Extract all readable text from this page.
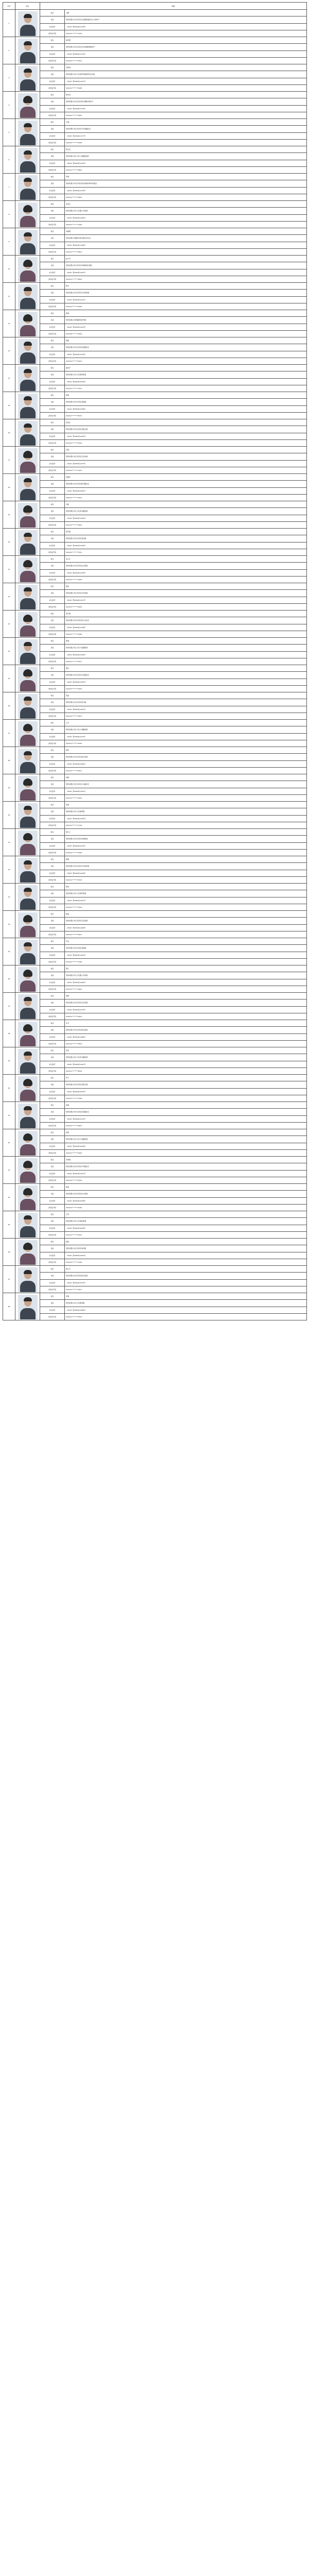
序号	照片	明细	
1		姓名	马敬
		住址	贵州省遵义市红花岗区北京路居委会中山门组1号
		执行案号	（2022）黔0302执1136号
		身份证号码	522122********1234
2		姓名	杨世明
		住址	贵州省遵义市红花岗区忠庄街道新蒲组9号
		执行案号	（2022）黔0302执1132号
		身份证号码	522101********2011
3		姓名	苏世林
		住址	贵州省遵义市汇川区高坪街道高坪社区2组
		执行案号	（2022）黔0302执1151号
		身份证号码	522121********4038
4		姓名	陈学英
		住址	贵州省遵义市红花岗区巷口镇新河组3号
		执行案号	（2022）黔0302执1133号
		身份证号码	522101********1622
5		姓名	王强
		住址	贵州省遵义市红花岗区中华南路社区
		执行案号	（2022）黔0302执1177号
		身份证号码	522101********0418
6		姓名	黄文龙
		住址	贵州省遵义市汇川区上海路街道办
		执行案号	（2022）黔0302执1164号
		身份证号码	522121********0853
7		姓名	罗明
		住址	贵州省遵义市红花岗区南关街道办新华居委会
		执行案号	（2022）黔0302执1145号
		身份证号码	522101********3616
8		姓名	邓永红
		住址	贵州省遵义市汇川区董公寺街道
		执行案号	（2022）黔0302执1185号
		身份证号码	522121********1246
9		姓名	刘建国
		住址	贵州省遵义市播州区南白镇龙井社区
		执行案号	（2022）黔0302执1198号
		身份证号码	522121********6815
10		姓名	赵小芳
		住址	贵州省遵义市红花岗区老城街道办事处
		执行案号	（2022）黔0302执1203号
		身份证号码	522101********2824
11		姓名	陈宇
		住址	贵州省遵义市红花岗区舟水桥街道
		执行案号	（2022）黔0302执1211号
		身份证号码	522101********5039
12		姓名	杨丽
		住址	贵州省遵义市新蒲新区新舟镇
		执行案号	（2022）黔0302执1222号
		身份证号码	522126********2044
13		姓名	周勇
		住址	贵州省遵义市红花岗区延安路社区
		执行案号	（2022）黔0302执1235号
		身份证号码	522101********0019
14		姓名	谢永平
		住址	贵州省遵义市汇川区高桥街道
		执行案号	（2022）黔0302执1246号
		身份证号码	522121********3313
15		姓名	胡建
		住址	贵州省遵义市红花岗区深溪镇
		执行案号	（2022）黔0302执1258号
		身份证号码	522101********6415
16		姓名	田世江
		住址	贵州省遵义市红花岗区金鼎山镇
		执行案号	（2022）黔0302执1263号
		身份证号码	522101********4216
17		姓名	石敏
		住址	贵州省遵义市红花岗区长征街道
		执行案号	（2022）黔0302执1275号
		身份证号码	522101********1527
18		姓名	何国华
		住址	贵州省遵义市红花岗区新舟路社区
		执行案号	（2022）黔0302执1281号
		身份证号码	522101********3012
19		姓名	冯艳
		住址	贵州省遵义市汇川区洗马路街道
		执行案号	（2022）黔0302执1292号
		身份证号码	522121********2623
20		姓名	罗光明
		住址	贵州省遵义市红花岗区海龙镇
		执行案号	（2022）黔0302执1304号
		身份证号码	522101********7531
21		姓名	宋小红
		住址	贵州省遵义市红花岗区礼仪街道
		执行案号	（2022）黔0302执1316号
		身份证号码	522101********1845
22		姓名	徐伟
		住址	贵州省遵义市红花岗区忠庄街道
		执行案号	（2022）黔0302执1327号
		身份证号码	522101********0932
23		姓名	李红梅
		住址	贵州省遵义市红花岗区南门关社区
		执行案号	（2022）黔0302执1338号
		身份证号码	522101********2046
24		姓名	郑强
		住址	贵州省遵义市汇川区大连路街道
		执行案号	（2022）黔0302执1349号
		身份证号码	522121********4517
25		姓名	黄玲
		住址	贵州省遵义市红花岗区北京路社区
		执行案号	（2022）黔0302执1355号
		身份证号码	522101********3224
26		姓名	张波
		住址	贵州省遵义市红花岗区巷口镇
		执行案号	（2022）黔0302执1367号
		身份证号码	522101********5613
27		姓名	王芳
		住址	贵州省遵义市汇川区上海路街道
		执行案号	（2022）黔0302执1372号
		身份证号码	522121********1042
28		姓名	韩军
		住址	贵州省遵义市红花岗区迎红街道
		执行案号	（2022）黔0302执1384号
		身份证号码	522101********8211
29		姓名	刘敏
		住址	贵州省遵义市红花岗区中山路社区
		执行案号	（2022）黔0302执1391号
		身份证号码	522101********2622
30		姓名	吴海
		住址	贵州省遵义市汇川区团泽镇
		执行案号	（2022）黔0302执1405号
		身份证号码	522121********7118
31		姓名	钟小兰
		住址	贵州省遵义市红花岗区老城街道
		执行案号	（2022）黔0302执1413号
		身份证号码	522101********4346
32		姓名	黎明
		住址	贵州省遵义市红花岗区舟水桥街道
		执行案号	（2022）黔0302执1426号
		身份证号码	522101********0515
33		姓名	曾伟
		住址	贵州省遵义市汇川区高坪街道
		执行案号	（2022）黔0302执1437号
		身份证号码	522121********3219
34		姓名	蒋丽
		住址	贵州省遵义市红花岗区长征街道
		执行案号	（2022）黔0302执1448号
		身份证号码	522101********6427
35		姓名	肖文
		住址	贵州省遵义市红花岗区深溪镇
		执行案号	（2022）黔0302执1452号
		身份证号码	522101********1338
36		姓名	陈红
		住址	贵州省遵义市汇川区董公寺街道
		执行案号	（2022）黔0302执1463号
		身份证号码	522121********2841
37		姓名	唐勇
		住址	贵州省遵义市红花岗区忠庄街道
		执行案号	（2022）黔0302执1475号
		身份证号码	522101********9012
38		姓名	叶芳
		住址	贵州省遵义市红花岗区南关街道
		执行案号	（2022）黔0302执1486号
		身份证号码	522101********3524
39		姓名	吴军
		住址	贵州省遵义市汇川区洗马路街道
		执行案号	（2022）黔0302执1491号
		身份证号码	522121********5616
40		姓名	罗兰
		住址	贵州省遵义市红花岗区金鼎山镇
		执行案号	（2022）黔0302执1503号
		身份证号码	522101********7228
41		姓名	孙强
		住址	贵州省遵义市红花岗区延安路社区
		执行案号	（2022）黔0302执1514号
		身份证号码	522101********0813
42		姓名	张敏
		住址	贵州省遵义市汇川区大连路街道
		执行案号	（2022）黔0302执1526号
		身份证号码	522121********4025
43		姓名	李雪梅
		住址	贵州省遵义市红花岗区中华路社区
		执行案号	（2022）黔0302执1537号
		身份证号码	522101********6344
44		姓名	陈丽
		住址	贵州省遵义市红花岗区礼仪街道
		执行案号	（2022）黔0302执1548号
		身份证号码	522101********2226
45		姓名	王军
		住址	贵州省遵义市汇川区高桥街道
		执行案号	（2022）黔0302执1559号
		身份证号码	522121********8115
46		姓名	赵艳
		住址	贵州省遵义市红花岗区海龙镇
		执行案号	（2022）黔0302执1563号
		身份证号码	522101********1248
47		姓名	胡小平
		住址	贵州省遵义市红花岗区迎红街道
		执行案号	（2022）黔0302执1575号
		身份证号码	522101********3917
48		姓名	李刚
		住址	贵州省遵义市汇川区团泽镇
		执行案号	（2022）黔0302执1586号
		身份证号码	522121********5533
